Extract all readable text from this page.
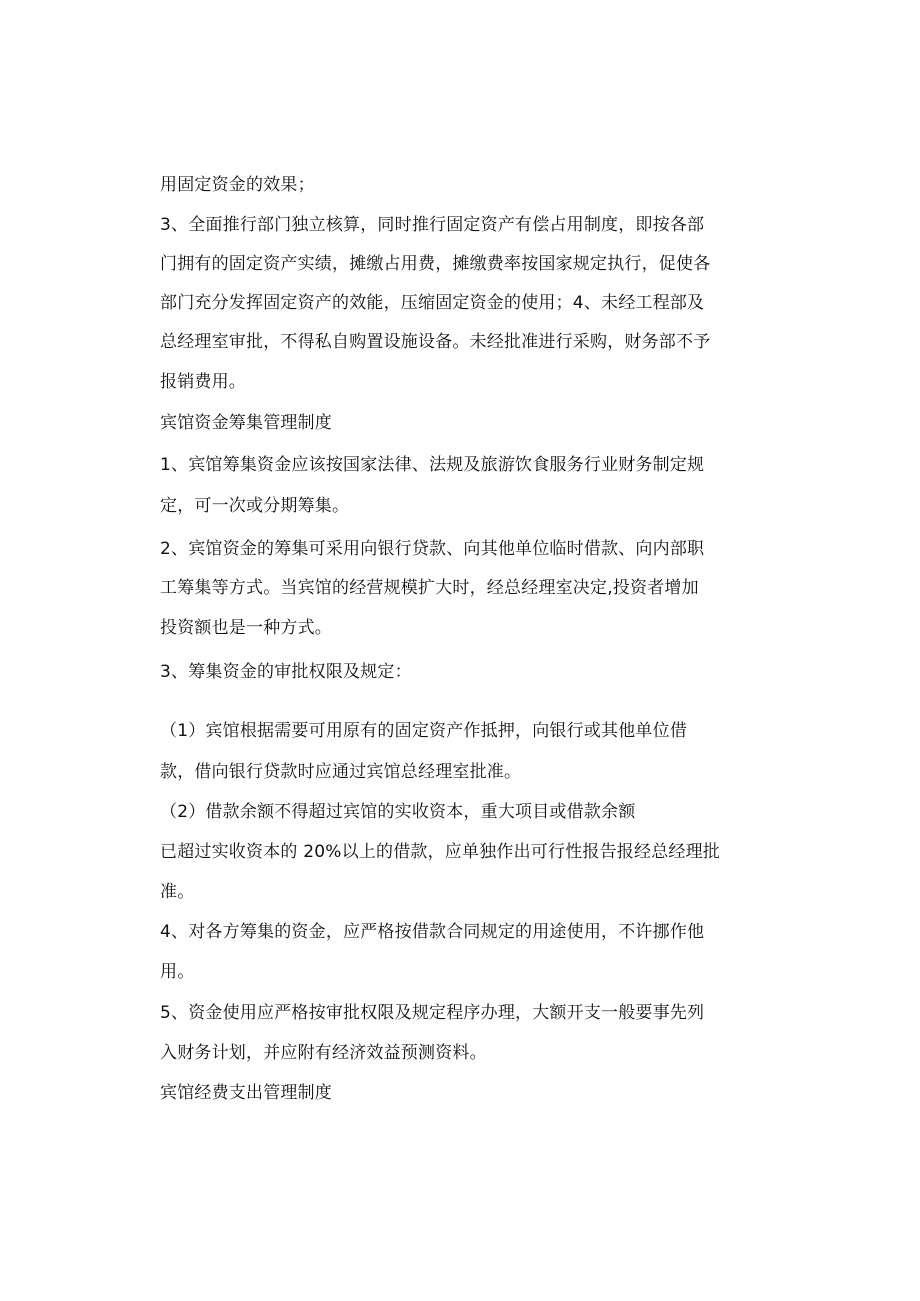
用固定资金的效果；
3、全面推行部门独立核算，同时推行固定资产有偿占用制度，即按各部
门拥有的固定资产实绩，摊缴占用费，摊缴费率按国家规定执行，促使各
部门充分发挥固定资产的效能，压缩固定资金的使用；4、未经工程部及
总经理室审批，不得私自购置设施设备。未经批准进行采购，财务部不予
报销费用。
宾馆资金筹集管理制度
1、宾馆筹集资金应该按国家法律、法规及旅游饮食服务行业财务制定规
定，可一次或分期筹集。
2、宾馆资金的筹集可采用向银行贷款、向其他单位临时借款、向内部职
工筹集等方式。当宾馆的经营规模扩大时，经总经理室决定,投资者增加
投资额也是一种方式。
3、筹集资金的审批权限及规定：
（1）宾馆根据需要可用原有的固定资产作抵押，向银行或其他单位借
款，借向银行贷款时应通过宾馆总经理室批准。
（2）借款余额不得超过宾馆的实收资本，重大项目或借款余额
已超过实收资本的 20%以上的借款，应单独作出可行性报告报经总经理批
准。
4、对各方筹集的资金，应严格按借款合同规定的用途使用，不许挪作他
用。
5、资金使用应严格按审批权限及规定程序办理，大额开支一般要事先列
入财务计划，并应附有经济效益预测资料。
宾馆经费支出管理制度
